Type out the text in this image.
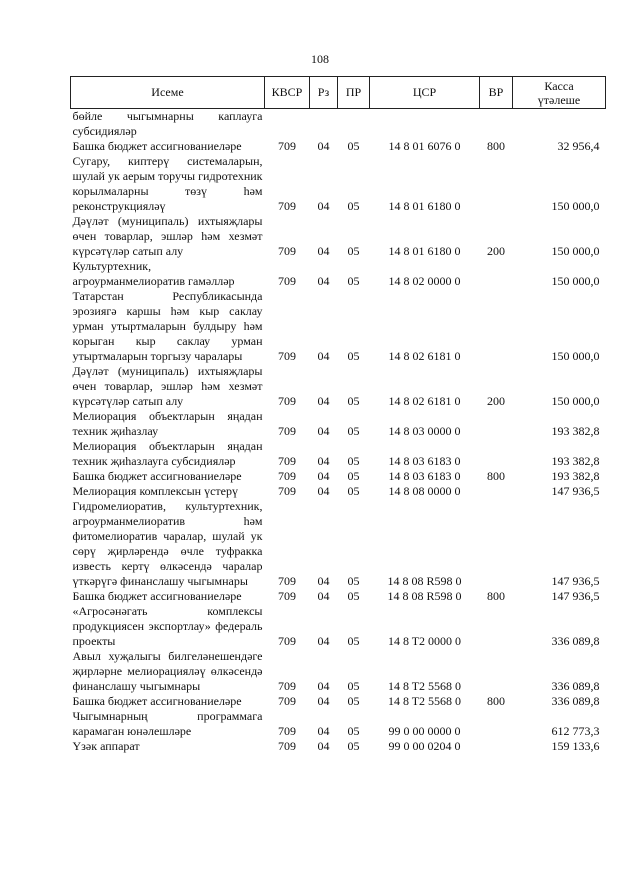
108
Исеме	КВСР	Рз	ПР	ЦСР	ВР	Касса
үтәлеше

бөйле чыгымнарны каплауга субсидияләр						
Башка бюджет ассигнованиеләре	709	04	05	14 8 01 6076 0	800	32 956,4
Сугару, киптерү системаларын, шулай ук аерым торучы гидротехник корылмаларны төзү һәм реконструкцияләү	709	04	05	14 8 01 6180 0		150 000,0
Дәүләт (муниципаль) ихтыяҗлары өчен товарлар, эшләр һәм хезмәт күрсәтүләр сатып алу	709	04	05	14 8 01 6180 0	200	150 000,0
Культуртехник, агроурманмелиоратив гамәлләр	709	04	05	14 8 02 0000 0		150 000,0
Татарстан Республикасында эрозиягә каршы һәм кыр саклау урман утыртмаларын булдыру һәм корыган кыр саклау урман утыртмаларын торгызу чаралары	709	04	05	14 8 02 6181 0		150 000,0
Дәүләт (муниципаль) ихтыяҗлары өчен товарлар, эшләр һәм хезмәт күрсәтүләр сатып алу	709	04	05	14 8 02 6181 0	200	150 000,0
Мелиорация объектларын яңадан техник җиһазлау	709	04	05	14 8 03 0000 0		193 382,8
Мелиорация объектларын яңадан техник җиһазлауга субсидияләр	709	04	05	14 8 03 6183 0		193 382,8
Башка бюджет ассигнованиеләре	709	04	05	14 8 03 6183 0	800	193 382,8
Мелиорация комплексын үстерү	709	04	05	14 8 08 0000 0		147 936,5
Гидромелиоратив, культуртехник, агроурманмелиоратив һәм фитомелиоратив чаралар, шулай ук сөрү җирләрендә өчле туфракка известь кертү өлкәсендә чаралар үткәрүгә финанслашу чыгымнары	709	04	05	14 8 08 R598 0		147 936,5
Башка бюджет ассигнованиеләре	709	04	05	14 8 08 R598 0	800	147 936,5
«Агросәнәгать комплексы продукциясен экспортлау» федераль проекты	709	04	05	14 8 T2 0000 0		336 089,8
Авыл хуҗалыгы билгеләнешендәге җирләрне мелиорацияләү өлкәсендә финанслашу чыгымнары	709	04	05	14 8 T2 5568 0		336 089,8
Башка бюджет ассигнованиеләре	709	04	05	14 8 T2 5568 0	800	336 089,8
Чыгымнарның программага карамаган юнәлешләре	709	04	05	99 0 00 0000 0		612 773,3
Үзәк аппарат	709	04	05	99 0 00 0204 0		159 133,6
